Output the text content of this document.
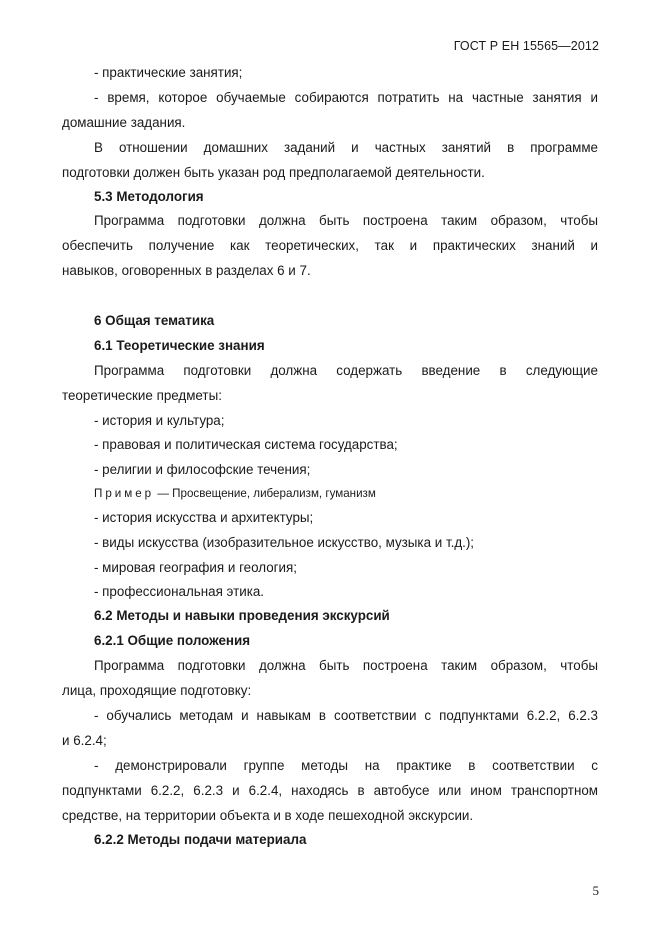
ГОСТ Р ЕН 15565—2012
- практические занятия;
- время, которое обучаемые собираются потратить на частные занятия и
домашние задания.
В отношении домашних заданий и частных занятий в программе
подготовки должен быть указан род предполагаемой деятельности.
5.3 Методология
Программа подготовки должна быть построена таким образом, чтобы
обеспечить получение как теоретических, так и практических знаний и
навыков, оговоренных в разделах 6 и 7.
6 Общая тематика
6.1 Теоретические знания
Программа подготовки должна содержать введение в следующие
теоретические предметы:
- история и культура;
- правовая и политическая система государства;
- религии и философские течения;
Пример — Просвещение, либерализм, гуманизм
- история искусства и архитектуры;
- виды искусства (изобразительное искусство, музыка и т.д.);
- мировая география и геология;
- профессиональная этика.
6.2 Методы и навыки проведения экскурсий
6.2.1 Общие положения
Программа подготовки должна быть построена таким образом, чтобы
лица, проходящие подготовку:
- обучались методам и навыкам в соответствии с подпунктами 6.2.2, 6.2.3
и 6.2.4;
- демонстрировали группе методы на практике в соответствии с
подпунктами 6.2.2, 6.2.3 и 6.2.4, находясь в автобусе или ином транспортном
средстве, на территории объекта и в ходе пешеходной экскурсии.
6.2.2 Методы подачи материала
5
